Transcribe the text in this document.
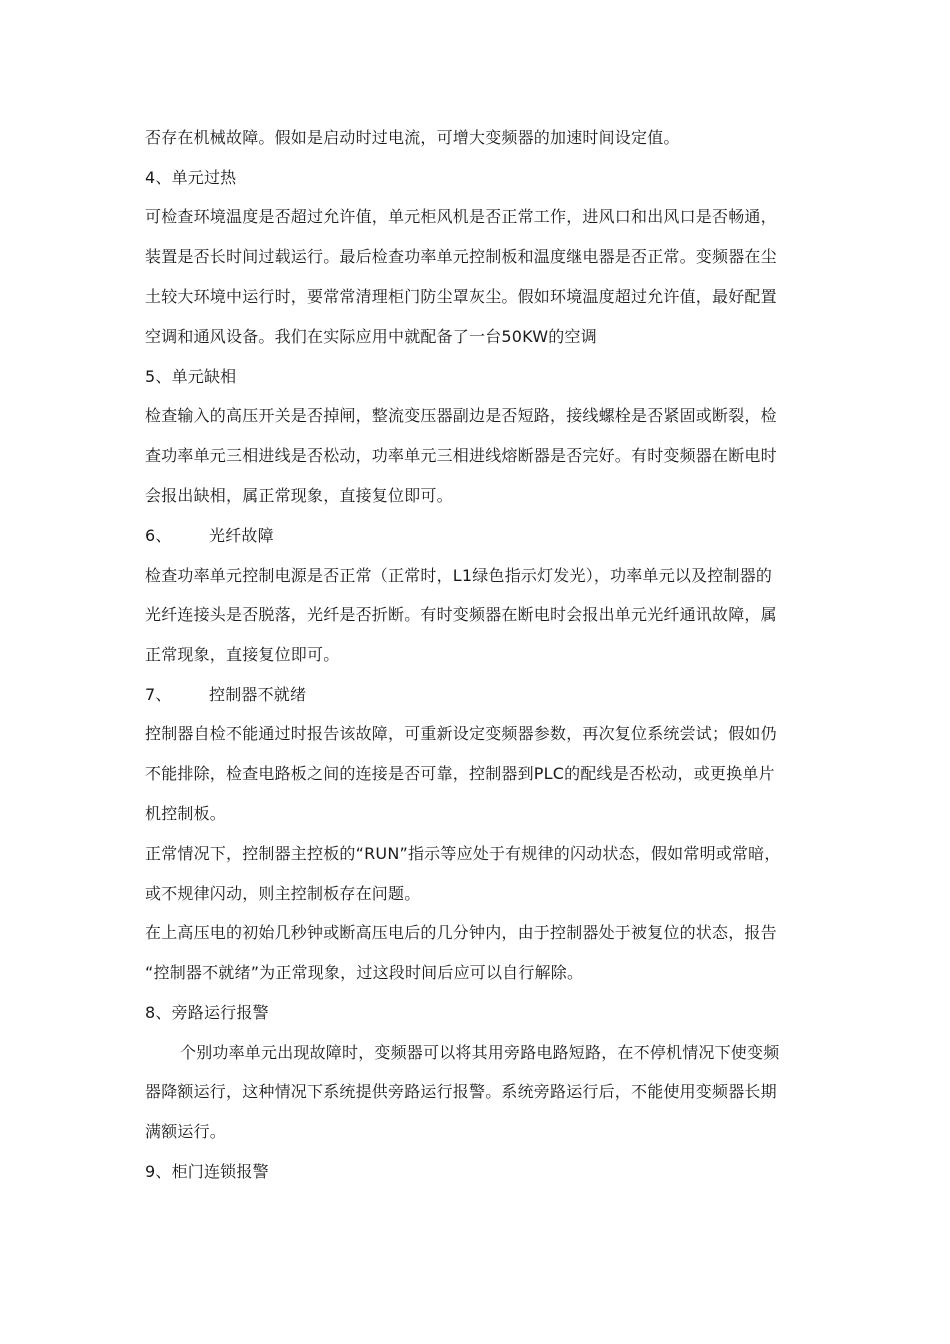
否存在机械故障。假如是启动时过电流，可增大变频器的加速时间设定值。
4、单元过热
可检查环境温度是否超过允许值，单元柜风机是否正常工作，进风口和出风口是否畅通，
装置是否长时间过载运行。最后检查功率单元控制板和温度继电器是否正常。变频器在尘
土较大环境中运行时，要常常清理柜门防尘罩灰尘。假如环境温度超过允许值，最好配置
空调和通风设备。我们在实际应用中就配备了一台50KW的空调
5、单元缺相
检查输入的高压开关是否掉闸，整流变压器副边是否短路，接线螺栓是否紧固或断裂，检
查功率单元三相进线是否松动，功率单元三相进线熔断器是否完好。有时变频器在断电时
会报出缺相，属正常现象，直接复位即可。
6、 光纤故障
检查功率单元控制电源是否正常（正常时，L1绿色指示灯发光），功率单元以及控制器的
光纤连接头是否脱落，光纤是否折断。有时变频器在断电时会报出单元光纤通讯故障，属
正常现象，直接复位即可。
7、 控制器不就绪
控制器自检不能通过时报告该故障，可重新设定变频器参数，再次复位系统尝试；假如仍
不能排除，检查电路板之间的连接是否可靠，控制器到PLC的配线是否松动，或更换单片
机控制板。
正常情况下，控制器主控板的“RUN”指示等应处于有规律的闪动状态，假如常明或常暗，
或不规律闪动，则主控制板存在问题。
在上高压电的初始几秒钟或断高压电后的几分钟内，由于控制器处于被复位的状态，报告
“控制器不就绪”为正常现象，过这段时间后应可以自行解除。
8、旁路运行报警
个别功率单元出现故障时，变频器可以将其用旁路电路短路，在不停机情况下使变频
器降额运行，这种情况下系统提供旁路运行报警。系统旁路运行后，不能使用变频器长期
满额运行。
9、柜门连锁报警
